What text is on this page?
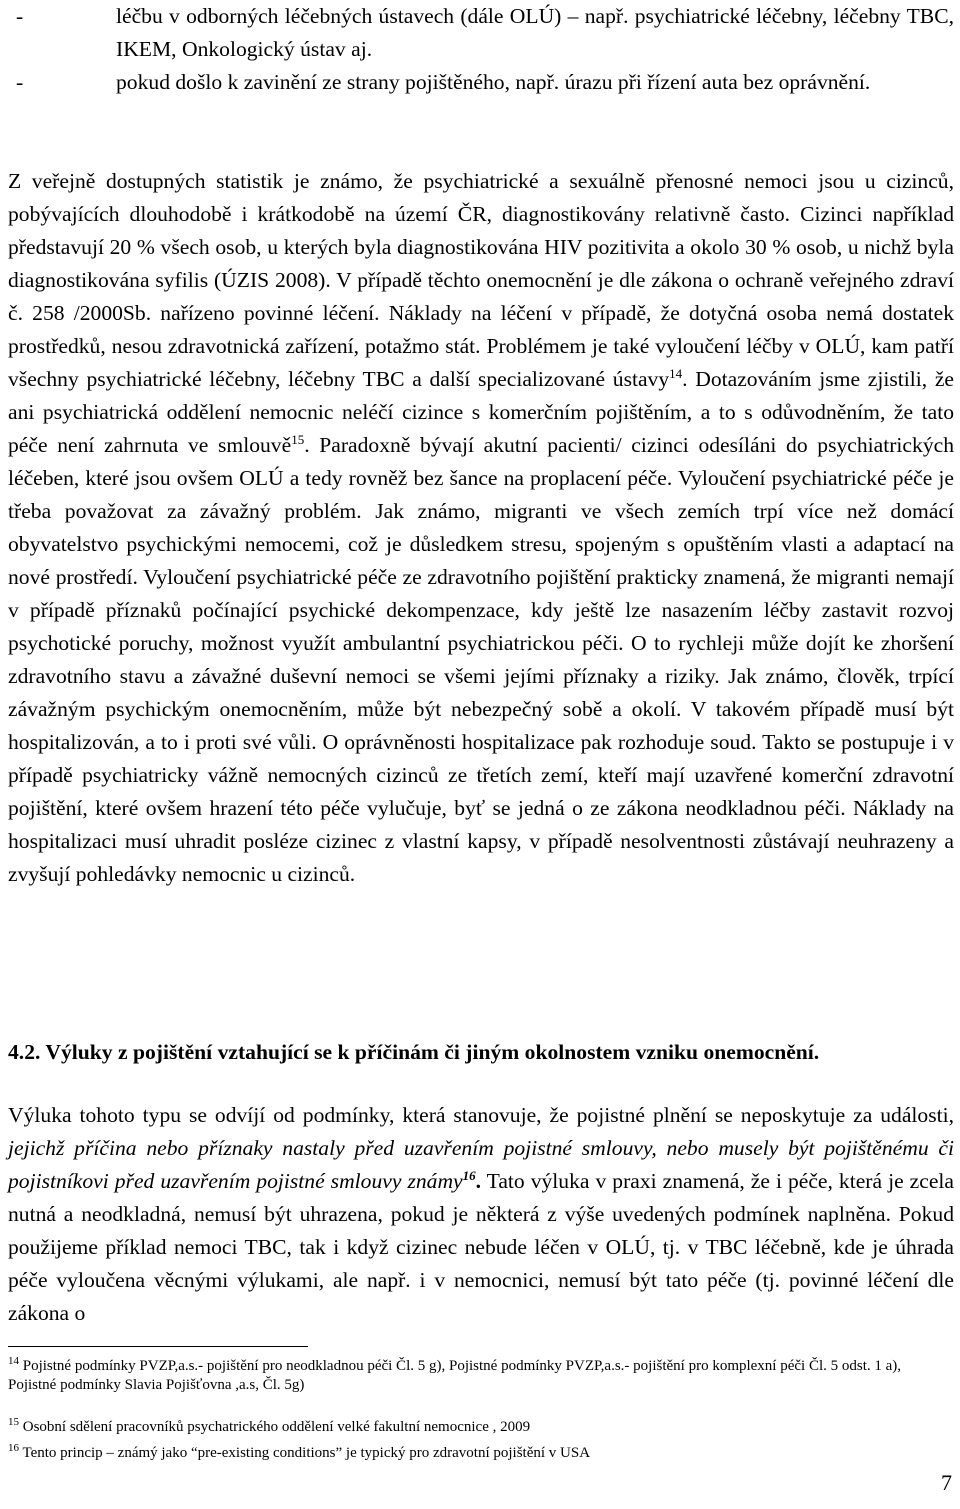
-	léčbu v odborných léčebných ústavech (dále OLÚ) – např. psychiatrické léčebny, léčebny TBC, IKEM, Onkologický ústav aj.

-	pokud došlo k zavinění ze strany pojištěného, např. úrazu při řízení auta bez oprávnění.

Z veřejně dostupných statistik je známo, že psychiatrické a sexuálně přenosné nemoci jsou u cizinců, pobývajících dlouhodobě i krátkodobě na území ČR, diagnostikovány relativně často. Cizinci například představují 20 % všech osob, u kterých byla diagnostikována HIV pozitivita a okolo 30 % osob, u nichž byla diagnostikována syfilis (ÚZIS 2008). V případě těchto onemocnění je dle zákona o ochraně veřejného zdraví č. 258 /2000Sb. nařízeno povinné léčení. Náklady na léčení v případě, že dotyčná osoba nemá dostatek prostředků, nesou zdravotnická zařízení, potažmo stát. Problémem je také vyloučení léčby v OLÚ, kam patří všechny psychiatrické léčebny, léčebny TBC a další specializované ústavy$^{14}$. Dotazováním jsme zjistili, že ani psychiatrická oddělení nemocnic neléčí cizince s komerčním pojištěním, a to s odůvodněním, že tato péče není zahrnuta ve smlouvě$^{15}$. Paradoxně bývají akutní pacienti/ cizinci odesíláni do psychiatrických léčeben, které jsou ovšem OLÚ a tedy rovněž bez šance na proplacení péče. Vyloučení psychiatrické péče je třeba považovat za závažný problém. Jak známo, migranti ve všech zemích trpí více než domácí obyvatelstvo psychickými nemocemi, což je důsledkem stresu, spojeným s opuštěním vlasti a adaptací na nové prostředí. Vyloučení psychiatrické péče ze zdravotního pojištění prakticky znamená, že migranti nemají v případě příznaků počínající psychické dekompenzace, kdy ještě lze nasazením léčby zastavit rozvoj psychotické poruchy, možnost využít ambulantní psychiatrickou péči. O to rychleji může dojít ke zhoršení zdravotního stavu a závažné duševní nemoci se všemi jejími příznaky a riziky. Jak známo, člověk, trpící závažným psychickým onemocněním, může být nebezpečný sobě a okolí. V takovém případě musí být hospitalizován, a to i proti své vůli. O oprávněnosti hospitalizace pak rozhoduje soud. Takto se postupuje i v případě psychiatricky vážně nemocných cizinců ze třetích zemí, kteří mají uzavřené komerční zdravotní pojištění, které ovšem hrazení této péče vylučuje, byť se jedná o ze zákona neodkladnou péči. Náklady na hospitalizaci musí uhradit posléze cizinec z vlastní kapsy, v případě nesolventnosti zůstávají neuhrazeny a zvyšují pohledávky nemocnic u cizinců.

4.2. Výluky z pojištění vztahující se k příčinám či jiným okolnostem vzniku onemocnění.

Výluka tohoto typu se odvíjí od podmínky, která stanovuje, že pojistné plnění se neposkytuje za události, jejichž příčina nebo příznaky nastaly před uzavřením pojistné smlouvy, nebo musely být pojištěnému či pojistníkovi před uzavřením pojistné smlouvy známy$^{16}$. Tato výluka v praxi znamená, že i péče, která je zcela nutná a neodkladná, nemusí být uhrazena, pokud je některá z výše uvedených podmínek naplněna. Pokud použijeme příklad nemoci TBC, tak i když cizinec nebude léčen v OLÚ, tj. v TBC léčebně, kde je úhrada péče vyloučena věcnými výlukami, ale např. i v nemocnici, nemusí být tato péče (tj. povinné léčení dle zákona o

$^{14}$ Pojistné podmínky PVZP,a.s.- pojištění pro neodkladnou péči Čl. 5 g), Pojistné podmínky PVZP,a.s.- pojištění pro komplexní péči Čl. 5 odst. 1 a), Pojistné podmínky Slavia Pojišťovna ,a.s, Čl. 5g)

$^{15}$ Osobní sdělení pracovníků psychatrického oddělení velké fakultní nemocnice , 2009

$^{16}$ Tento princip – známý jako “pre-existing conditions” je typický pro zdravotní pojištění v USA

7
